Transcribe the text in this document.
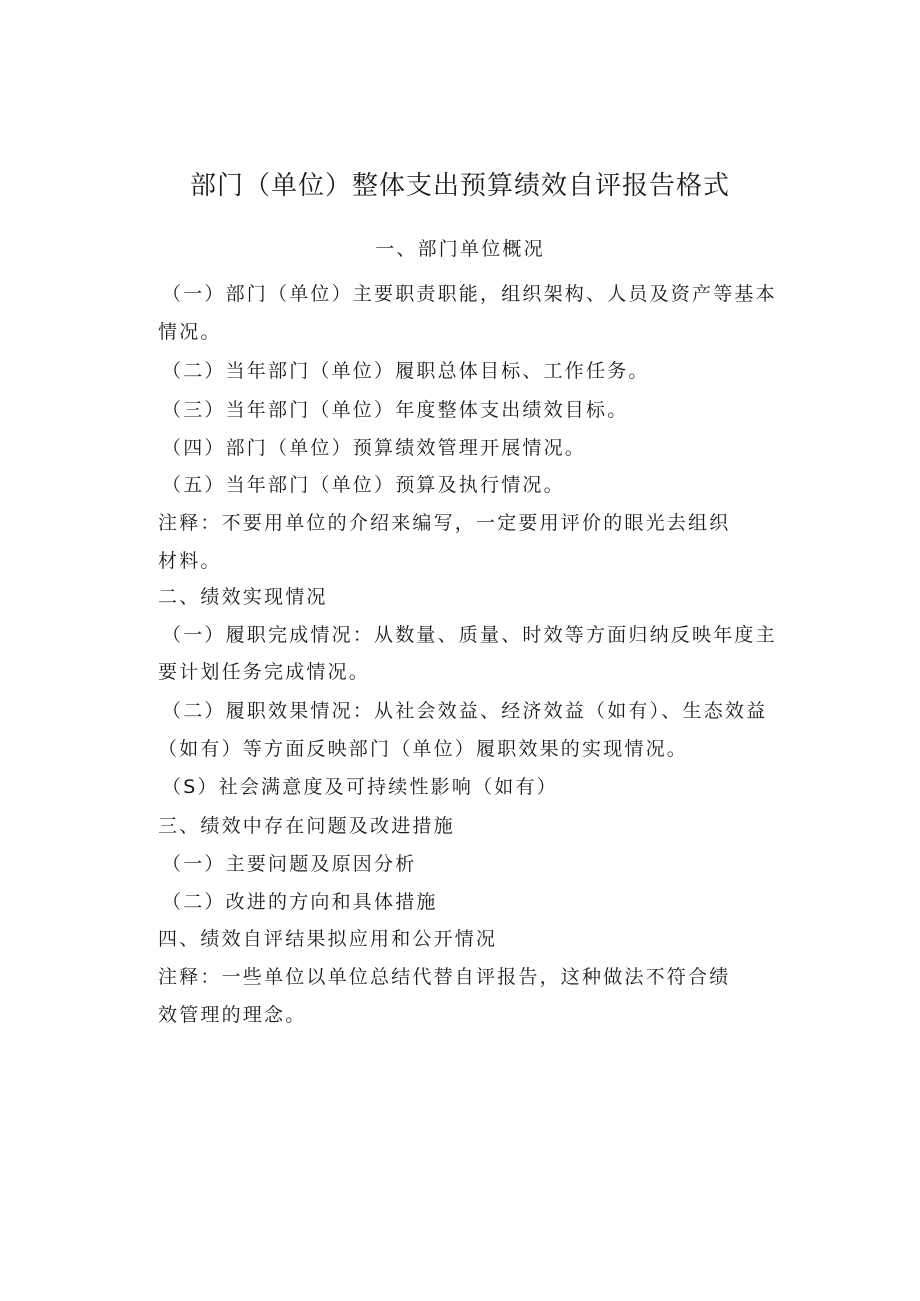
部门（单位）整体支出预算绩效自评报告格式
一、部门单位概况
（一）部门（单位）主要职责职能，组织架构、人员及资产等基本
情况。
（二）当年部门（单位）履职总体目标、工作任务。
（三）当年部门（单位）年度整体支出绩效目标。
（四）部门（单位）预算绩效管理开展情况。
（五）当年部门（单位）预算及执行情况。
注释：不要用单位的介绍来编写，一定要用评价的眼光去组织
材料。
二、绩效实现情况
（一）履职完成情况：从数量、质量、时效等方面归纳反映年度主
要计划任务完成情况。
（二）履职效果情况：从社会效益、经济效益（如有）、生态效益
（如有）等方面反映部门（单位）履职效果的实现情况。
（S）社会满意度及可持续性影响（如有）
三、绩效中存在问题及改进措施
（一）主要问题及原因分析
（二）改进的方向和具体措施
四、绩效自评结果拟应用和公开情况
注释：一些单位以单位总结代替自评报告，这种做法不符合绩
效管理的理念。
